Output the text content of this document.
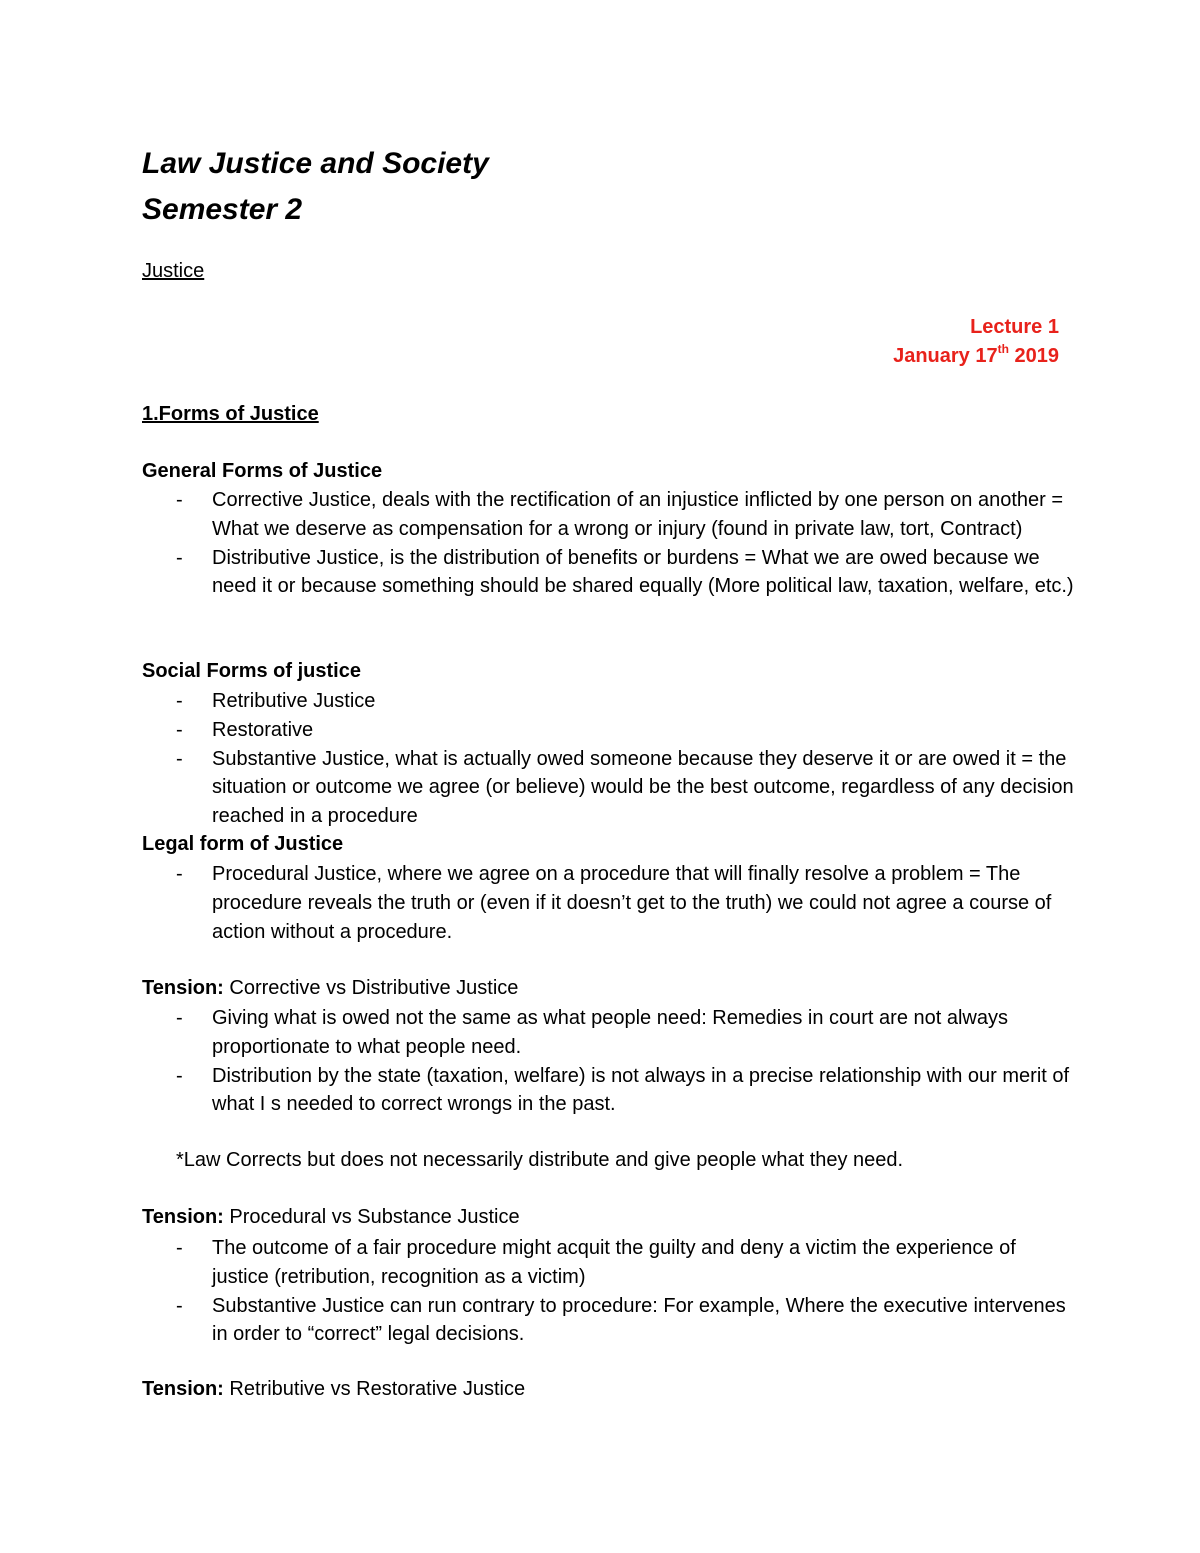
Law Justice and Society
Semester 2
Justice
Lecture 1
January 17th 2019
1.Forms of Justice
General Forms of Justice
- Corrective Justice, deals with the rectification of an injustice inflicted by one person on another = What we deserve as compensation for a wrong or injury (found in private law, tort, Contract)
- Distributive Justice, is the distribution of benefits or burdens = What we are owed because we need it or because something should be shared equally (More political law, taxation, welfare, etc.)
Social Forms of justice
- Retributive Justice
- Restorative
- Substantive Justice, what is actually owed someone because they deserve it or are owed it = the situation or outcome we agree (or believe) would be the best outcome, regardless of any decision reached in a procedure
Legal form of Justice
- Procedural Justice, where we agree on a procedure that will finally resolve a problem = The procedure reveals the truth or (even if it doesn’t get to the truth) we could not agree a course of action without a procedure.
Tension: Corrective vs Distributive Justice
- Giving what is owed not the same as what people need: Remedies in court are not always proportionate to what people need.
- Distribution by the state (taxation, welfare) is not always in a precise relationship with our merit of what I s needed to correct wrongs in the past.
*Law Corrects but does not necessarily distribute and give people what they need.
Tension: Procedural vs Substance Justice
- The outcome of a fair procedure might acquit the guilty and deny a victim the experience of justice (retribution, recognition as a victim)
- Substantive Justice can run contrary to procedure: For example, Where the executive intervenes in order to “correct” legal decisions.
Tension: Retributive vs Restorative Justice
